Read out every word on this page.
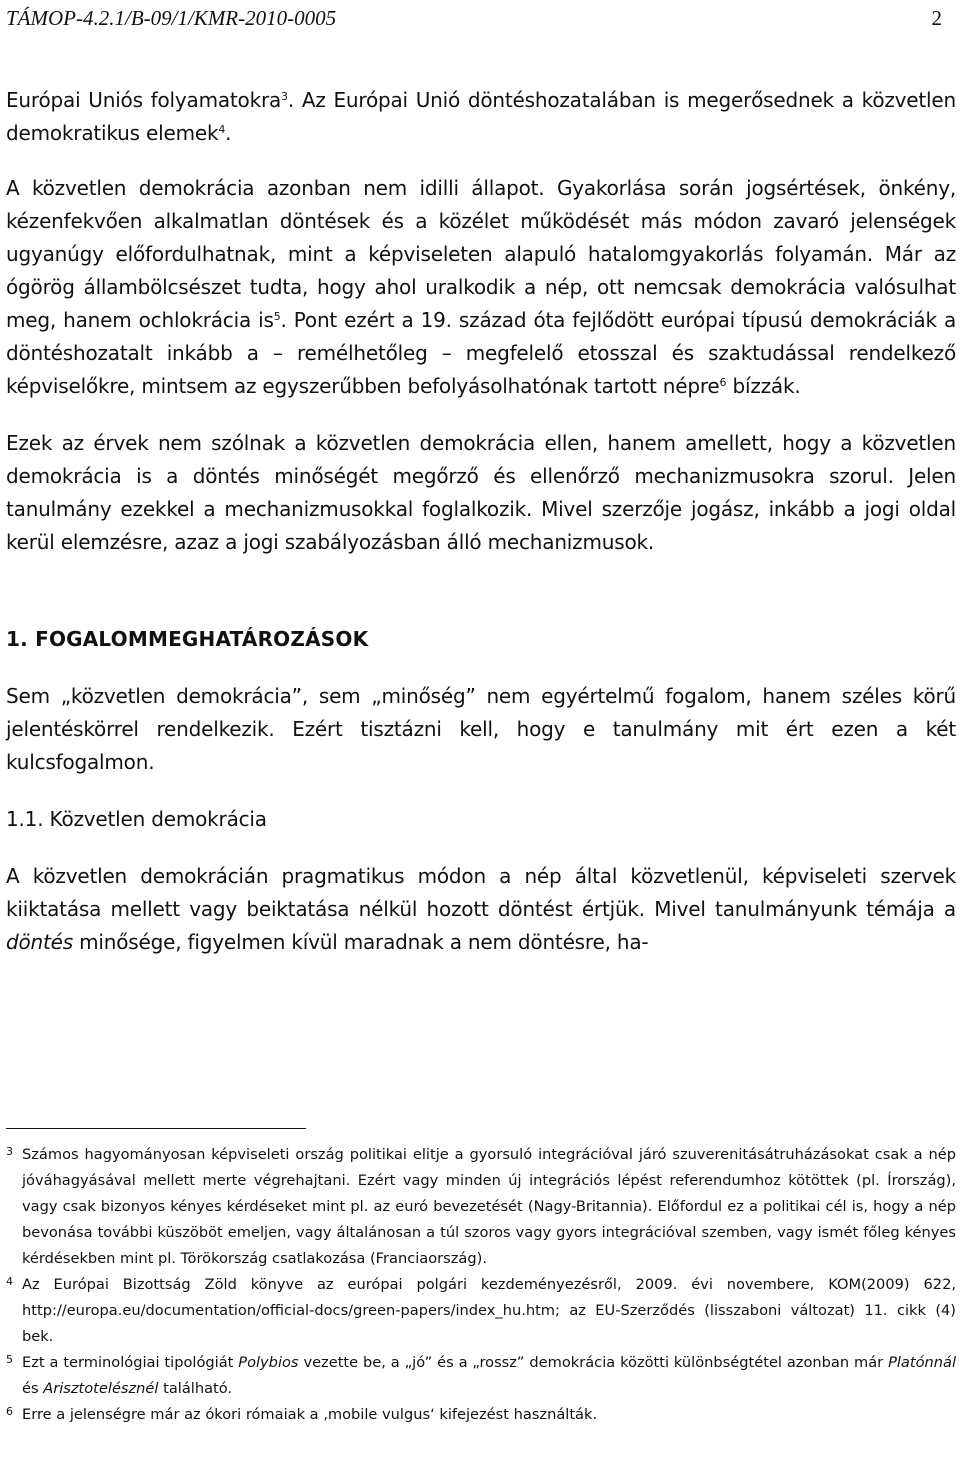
TÁMOP-4.2.1/B-09/1/KMR-2010-0005	2

Európai Uniós folyamatokra$^3$. Az Európai Unió döntéshozatalában is megerősednek a közvetlen demokratikus elemek$^4$.

A közvetlen demokrácia azonban nem idilli állapot. Gyakorlása során jogsértések, önkény, kézenfekvően alkalmatlan döntések és a közélet működését más módon zavaró jelenségek ugyanúgy előfordulhatnak, mint a képviseleten alapuló hatalomgyakorlás folyamán. Már az ógörög állambölcsészet tudta, hogy ahol uralkodik a nép, ott nemcsak demokrácia valósulhat meg, hanem ochlokrácia $is^5$. Pont ezért a 19. század óta fejlődött európai típusú demokráciák a döntéshozatalt inkább a – remélhetőleg – megfelelő etosszal és szaktudással rendelkező képviselőkre, mintsem az egyszerűbben befolyásolhatónak tartott népre$^6$ bízzák.

Ezek az érvek nem szólnak a közvetlen demokrácia ellen, hanem amellett, hogy a közvetlen demokrácia is a döntés minőségét megőrző és ellenőrző mechanizmusokra szorul. Jelen tanulmány ezekkel a mechanizmusokkal foglalkozik. Mivel szerzője jogász, inkább a jogi oldal kerül elemzésre, azaz a jogi szabályozásban álló mechanizmusok.

1. FOGALOMMEGHATÁROZÁSOK

Sem „közvetlen demokrácia”, sem „minőség” nem egyértelmű fogalom, hanem széles körű jelentéskörrel rendelkezik. Ezért tisztázni kell, hogy e tanulmány mit ért ezen a két kulcsfogalmon.

1.1. Közvetlen demokrácia

A közvetlen demokrácián pragmatikus módon a nép által közvetlenül, képviseleti szervek kiiktatása mellett vagy beiktatása nélkül hozott döntést értjük. Mivel tanulmányunk témája a döntés minősége, figyelmen kívül maradnak a nem döntésre, ha-

3 Számos hagyományosan képviseleti ország politikai elitje a gyorsuló integrációval járó szuverenitásátruházásokat csak a nép jóváhagyásával mellett merte végrehajtani. Ezért vagy minden új integrációs lépést referendumhoz kötöttek (pl. Írország), vagy csak bizonyos kényes kérdéseket mint pl. az euró bevezetését (Nagy-Britannia). Előfordul ez a politikai cél is, hogy a nép bevonása további küszöböt emeljen, vagy általánosan a túl szoros vagy gyors integrációval szemben, vagy ismét főleg kényes kérdésekben mint pl. Törökország csatlakozása (Franciaország).

4 Az Európai Bizottság Zöld könyve az európai polgári kezdeményezésről, 2009. évi novembere, KOM(2009) 622, http://europa.eu/documentation/official-docs/green-papers/index_hu.htm; az EU-Szerződés (lisszaboni változat) 11. cikk (4) bek.

5 Ezt a terminológiai tipológiát Polybios vezette be, a „jó” és a „rossz” demokrácia közötti különbségtétel azonban már Platónnál és Arisztotelésznél található.

6 Erre a jelenségre már az ókori rómaiak a ‚mobile vulgus‘ kifejezést használták.
